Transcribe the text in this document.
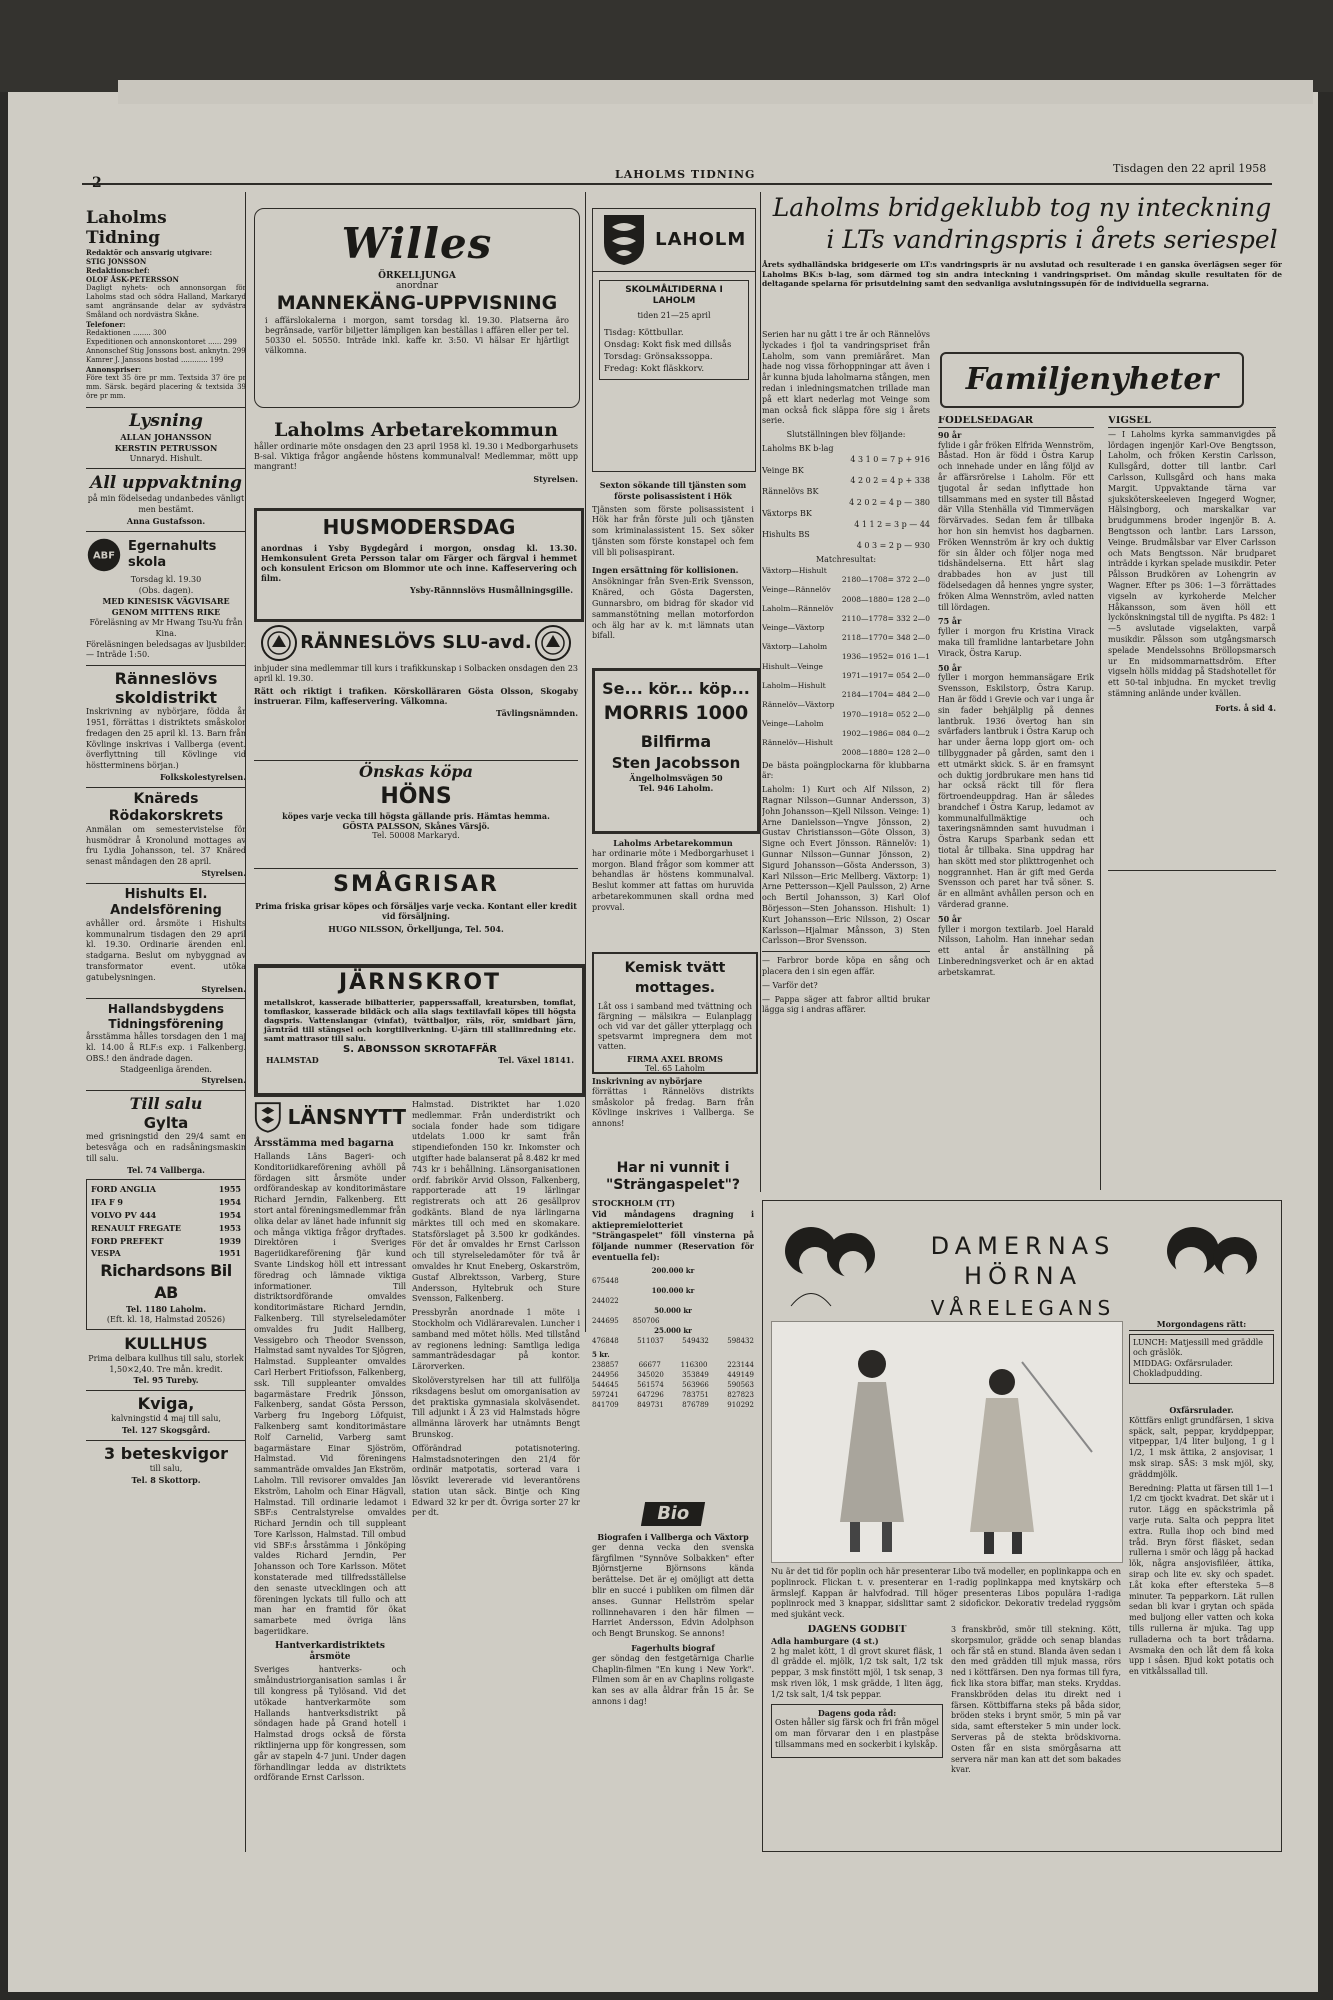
LAHOLMS TIDNING	Tisdagen den 22 april 1958
Laholms Tidning

Redaktör och ansvarig utgivare:

STIG JONSSON

Redaktionschef:

OLOF ÅSK-PETERSSON

Dagligt nyhets- och annonsorgan för Laholms stad och södra Halland, Markaryd samt angränsande delar av sydvästra Småland och nordvästra Skåne.

Telefoner:

Redaktionen ........ 300

Expeditionen och annonskontoret ...... 299

Annonschef Stig Jonssons bost. anknytn. 299

Kamrer J. Janssons bostad ............ 199

Annonspriser:

Före text 35 öre pr mm. Textsida 37 öre pr mm. Särsk. begärd placering & textsida 39 öre pr mm.

Lysning
ALLAN JOHANSSON
KERSTIN PETRUSSON
Unnaryd. Hishult.
All uppvaktning
på min födelsedag undanbedes vänligt men bestämt.
Anna Gustafsson.
ABF
Egernahults skola
Torsdag kl. 19.30
(Obs. dagen).
MED KINESISK VÄGVISARE GENOM MITTENS RIKE
Föreläsning av Mr Hwang Tsu-Yu från Kina.
Föreläsningen beledsagas av ljusbilder. — Inträde 1:50.
Ränneslövs skoldistrikt
Inskrivning av nybörjare, födda år 1951, förrättas i distriktets småskolor fredagen den 25 april kl. 13. Barn från Kövlinge inskrivas i Vallberga (event. överflyttning till Kövlinge vid höstterminens början.)
Folkskolestyrelsen.
Knäreds Rödakorskrets
Anmälan om semestervistelse för husmödrar å Kronolund mottages av fru Lydia Johansson, tel. 37 Knäred senast måndagen den 28 april.
Styrelsen.
Hishults El. Andelsförening
avhåller ord. årsmöte i Hishults kommunalrum tisdagen den 29 april kl. 19.30. Ordinarie ärenden enl. stadgarna. Beslut om nybyggnad av transformator event. utöka gatubelysningen.
Styrelsen.
Hallandsbygdens Tidningsförening
årsstämma hålles torsdagen den 1 maj kl. 14.00 å RLF:s exp. i Falkenberg. OBS.! den ändrade dagen.
Stadgeenliga ärenden.
Styrelsen.
Till salu
Gylta
med grisningstid den 29/4 samt en betesvåga och en radsåningsmaskin till salu.
Tel. 74 Vallberga.
FORD ANGLIA	1955
IFA F 9	1954
VOLVO PV 444	1954
RENAULT FREGATE	1953
FORD PREFEKT	1939
VESPA	1951
Richardsons Bil AB
Tel. 1180 Laholm.
(Eft. kl. 18, Halmstad 20526)
KULLHUS
Prima delbara kullhus till salu, storlek 1,50×2,40. Tre mån. kredit.
Tel. 95 Tureby.
Kviga,
kalvningstid 4 maj till salu,
Tel. 127 Skogsgård.
3 beteskvigor
till salu,
Tel. 8 Skottorp.
Willes
ÖRKELLJUNGA
anordnar
MANNEKÄNG-UPPVISNING

i affärslokalerna i morgon, samt torsdag kl. 19.30. Platserna äro begränsade, varför biljetter lämpligen kan beställas i affären eller per tel. 50330 el. 50550. Inträde inkl. kaffe kr. 3:50. Vi hälsar Er hjärtligt välkomna.

Laholms Arbetarekommun

håller ordinarie möte onsdagen den 23 april 1958 kl. 19.30 i Medborgarhusets B-sal. Viktiga frågor angående höstens kommunalval! Medlemmar, mött upp mangrant!

Styrelsen.
HUSMODERSDAG

anordnas i Ysby Bygdegård i morgon, onsdag kl. 13.30. Hemkonsulent Greta Persson talar om Färger och färgval i hemmet och konsulent Ericson om Blommor ute och inne. Kaffeservering och film.

Ysby-Rännnslövs Husmållningsgille.
RÄNNESLÖVS SLU-avd.

inbjuder sina medlemmar till kurs i trafikkunskap i Solbacken onsdagen den 23 april kl. 19.30.

Rätt och riktigt i trafiken. Körskolläraren Gösta Olsson, Skogaby instruerar. Film, kaffeservering. Välkomna.

Tävlingsnämnden.
Önskas köpa
HÖNS
köpes varje vecka till högsta gällande pris. Hämtas hemma.
GÖSTA PALSSON, Skånes Värsjö.
Tel. 50008 Markaryd.
SMÅGRISAR
Prima friska grisar köpes och försäljes varje vecka. Kontant eller kredit vid försäljning.
HUGO NILSSON, Örkelljunga, Tel. 504.
JÄRNSKROT

metallskrot, kasserade bilbatterier, papperssaffall, kreatursben, tomflat, tomflaskor, kasserade bildäck och alla slags textilavfall köpes till högsta dagspris. Vattenslangar (vinfat), tvättbaljor, räls, rör, smidbart järn, järnträd till stängsel och korgtillverkning. U-järn till stallinredning etc. samt mattrasor till salu.

S. ABONSSON SKROTAFFÄR
HALMSTAD	Tel. Växel 18141.
LÄNSNYTT
Årsstämma med bagarna

Hallands Läns Bageri- och Konditoriidkareförening avhöll på fördagen sitt årsmöte under ordförandeskap av konditorimästare Richard Jerndin, Falkenberg. Ett stort antal föreningsmedlemmar från olika delar av länet hade infunnit sig och många viktiga frågor dryftades. Direktören i Sveriges Bageriidkareförening fjär kund Svante Lindskog höll ett intressant föredrag och lämnade viktiga informationer. Till distriktsordförande omvaldes konditorimästare Richard Jerndin, Falkenberg. Till styrelseledamöter omvaldes fru Judit Hallberg, Vessigebro och Theodor Svensson, Halmstad samt nyvaldes Tor Sjögren, Halmstad. Suppleanter omvaldes Carl Herbert Fritiofsson, Falkenberg, ssk. Till suppleanter omvaldes bagarmästare Fredrik Jönsson, Falkenberg, sandat Gösta Persson, Varberg fru Ingeborg Löfquist, Falkenberg samt konditorimästare Rolf Carnelid, Varberg samt bagarmästare Einar Sjöström, Halmstad. Vid föreningens sammanträde omvaldes Jan Ekström, Laholm. Till revisorer omvaldes Jan Ekström, Laholm och Einar Hägvall, Halmstad. Till ordinarie ledamot i SBF:s Centralstyrelse omvaldes Richard Jerndin och till suppleant Tore Karlsson, Halmstad. Till ombud vid SBF:s årsstämma i Jönköping valdes Richard Jerndin, Per Johansson och Tore Karlsson. Mötet konstaterade med tillfredsställelse den senaste utvecklingen och att föreningen lyckats till fullo och att man har en framtid för ökat samarbete med övriga läns bageriidkare.

Hantverkardistriktets årsmöte

Sveriges hantverks- och småindustriorganisation samlas i år till kongress på Tylösand. Vid det utökade hantverkarmöte som Hallands hantverksdistrikt på söndagen hade på Grand hotell i Halmstad drogs också de första riktlinjerna upp för kongressen, som går av stapeln 4-7 juni. Under dagen förhandlingar ledda av distriktets ordförande Ernst Carlsson.

Halmstad. Distriktet har 1.020 medlemmar. Från underdistrikt och sociala fonder hade som tidigare utdelats 1.000 kr samt från stipendiefonden 150 kr. Inkomster och utgifter hade balanserat på 8.482 kr med 743 kr i behållning. Länsorganisationen ordf. fabrikör Arvid Olsson, Falkenberg, rapporterade att 19 lärlingar registrerats och att 26 gesällprov godkänts. Bland de nya lärlingarna märktes till och med en skomakare. Statsförslaget på 3.500 kr godkändes. För det år omvaldes hr Ernst Carlsson och till styrelseledamöter för två år omvaldes hr Knut Eneberg, Oskarström, Gustaf Albrektsson, Varberg, Sture Andersson, Hyltebruk och Sture Svensson, Falkenberg.

Pressbyrån anordnade 1 möte i Stockholm och Vidlärarevalen. Luncher i samband med mötet hölls. Med tillstånd av regionens ledning: Samtliga lediga sammanträdesdagar på kontor. Lärorverken.

Skolöverstyrelsen har till att fullfölja riksdagens beslut om omorganisation av det praktiska gymnasiala skolväsendet. Till adjunkt i Å 23 vid Halmstads högre allmänna läroverk har utnämnts Bengt Brunskog.

Offörändrad potatisnotering. Halmstadsnoteringen den 21/4 för ordinär matpotatis, sorterad vara i lösvikt levererade vid leverantörens station utan säck. Bintje och King Edward 32 kr per dt. Övriga sorter 27 kr per dt.

LAHOLM
SKOLMÅLTIDERNA I LAHOLM
tiden 21—25 april
Tisdag: Köttbullar.
Onsdag: Kokt fisk med dillsås
Torsdag: Grönsakssoppa.
Fredag: Kokt fläskkorv.
Sexton sökande till tjänsten som förste polisassistent i Hök

Tjänsten som förste polisassistent i Hök har från förste juli och tjänsten som kriminalassistent 15. Sex söker tjänsten som förste konstapel och fem vill bli polisaspirant.

Ingen ersättning för kollisionen.

Ansökningar från Sven-Erik Svensson, Knäred, och Gösta Dagersten, Gunnarsbro, om bidrag för skador vid sammanstötning mellan motorfordon och älg har av k. m:t lämnats utan bifall.

Se... kör... köp...
MORRIS 1000
Bilfirma
Sten Jacobsson
Ängelholmsvägen 50
Tel. 946 Laholm.
Laholms Arbetarekommun

har ordinarie möte i Medborgarhuset i morgon. Bland frågor som kommer att behandlas är höstens kommunalval. Beslut kommer att fattas om huruvida arbetarekommunen skall ordna med provval.

Kemisk tvätt mottages.

Låt oss i samband med tvättning och färgning — mälsikra — Eulanplagg och vid var det gäller ytterplagg och spetsvarmt impregnera dem mot vatten.

FIRMA AXEL BROMS
Tel. 65 Laholm
Inskrivning av nybörjare

förrättas i Rännelövs distrikts småskolor på fredag. Barn från Kövlinge inskrives i Vallberga. Se annons!

Har ni vunnit i
"Strängaspelet"?
STOCKHOLM (TT)

Vid måndagens dragning i aktiepremielotteriet "Strängaspelet" föll vinsterna på följande nummer (Reservation för eventuella fel):

200.000 kr
675448
100.000 kr
244022
50.000 kr
244695 850706
25.000 kr
476848	511037	549432	598432
5 kr.
238857	66677	116300	223144
244956	345020	353849	449149
544645	561574	563966	590563
597241	647296	783751	827823
841709	849731	876789	910292
Bio
Biografen i Vallberga och Växtorp

ger denna vecka den svenska färgfilmen "Synnöve Solbakken" efter Björnstjerne Björnsons kända berättelse. Det är ej omöjligt att detta blir en succé i publiken om filmen där anses. Gunnar Hellström spelar rollinnehavaren i den här filmen — Harriet Andersson, Edvin Adolphson och Bengt Brunskog. Se annons!

Fagerhults biograf

ger söndag den festgetärniga Charlie Chaplin-filmen "En kung i New York". Filmen som är en av Chaplins roligaste kan ses av alla åldrar från 15 år. Se annons i dag!

Laholms bridgeklubb tog ny inteckning
i LTs vandringspris i årets seriespel

Årets sydhalländska bridgeserie om LT:s vandringspris är nu avslutad och resulterade i en ganska överlägsen seger för Laholms BK:s b-lag, som därmed tog sin andra inteckning i vandringspriset. Om måndag skulle resultaten för de deltagande spelarna för prisutdelning samt den sedvanliga avslutningssupén för de individuella segrarna.

Serien har nu gått i tre år och Rännelövs lyckades i fjol ta vandringspriset från Laholm, som vann premiäråret. Man hade nog vissa förhoppningar att även i år kunna bjuda laholmarna stången, men redan i inledningsmatchen trillade man på ett klart nederlag mot Veinge som man också fick släppa före sig i årets serie.

Slutställningen blev följande:
Laholms BK b-lag
4 3 1 0 = 7 p + 916
Veinge BK
4 2 0 2 = 4 p + 338
Rännelövs BK
4 2 0 2 = 4 p — 380
Växtorps BK
4 1 1 2 = 3 p — 44
Hishults BS
4 0 3 = 2 p — 930
Matchresultat:
Växtorp—Hishult
2180—1708= 372 2—0
Veinge—Rännelöv
2008—1880= 128 2—0
Laholm—Rännelöv
2110—1778= 332 2—0
Veinge—Växtorp
2118—1770= 348 2—0
Växtorp—Laholm
1936—1952= 016 1—1
Hishult—Veinge
1971—1917= 054 2—0
Laholm—Hishult
2184—1704= 484 2—0
Rännelöv—Växtorp
1970—1918= 052 2—0
Veinge—Laholm
1902—1986= 084 0—2
Rännelöv—Hishult
2008—1880= 128 2—0

De bästa poängplockarna för klubbarna är:

Laholm: 1) Kurt och Alf Nilsson, 2) Ragnar Nilsson—Gunnar Andersson, 3) John Johansson—Kjell Nilsson. Veinge: 1) Arne Danielsson—Yngve Jönsson, 2) Gustav Christiansson—Göte Olsson, 3) Signe och Evert Jönsson. Rännelöv: 1) Gunnar Nilsson—Gunnar Jönsson, 2) Sigurd Johansson—Gösta Andersson, 3) Karl Nilsson—Eric Mellberg. Växtorp: 1) Arne Pettersson—Kjell Paulsson, 2) Arne och Bertil Johansson, 3) Karl Olof Börjesson—Sten Johansson. Hishult: 1) Kurt Johansson—Eric Nilsson, 2) Oscar Karlsson—Hjalmar Månsson, 3) Sten Carlsson—Bror Svensson.

— Farbror borde köpa en sång och placera den i sin egen affär.

— Varför det?

— Pappa säger att fabror alltid brukar lägga sig i andras affärer.

Familjenyheter
FÖDELSEDAGAR
90 år

fylide i går fröken Elfrida Wennström, Båstad. Hon är född i Östra Karup och innehade under en lång följd av år affärsrörelse i Laholm. För ett tjugotal år sedan inflyttade hon tillsammans med en syster till Båstad där Villa Stenhälla vid Timmervägen förvärvades. Sedan fem år tillbaka hor hon sin hemvist hos dagbarnen. Fröken Wennström är kry och duktig för sin ålder och följer noga med tidshändelserna. Ett hårt slag drabbades hon av just till födelsedagen då hennes yngre syster, fröken Alma Wennström, avled natten till lördagen.

75 år

fyller i morgon fru Kristina Virack maka till framlidne lantarbetare John Virack, Östra Karup.

50 år

fyller i morgon hemmansägare Erik Svensson, Eskilstorp, Östra Karup. Han är född i Grevie och var i unga år sin fader behjälplig på dennes lantbruk. 1936 övertog han sin svärfaders lantbruk i Östra Karup och har under åerna lopp gjort om- och tillbyggnader på gården, samt den i ett utmärkt skick. S. är en framsynt och duktig jordbrukare men hans tid har också räckt till för flera förtroendeuppdrag. Han är således brandchef i Östra Karup, ledamot av kommunalfullmäktige och taxeringsnämnden samt huvudman i Östra Karups Sparbank sedan ett tiotal år tillbaka. Sina uppdrag har han skött med stor plikttrogenhet och noggrannhet. Han är gift med Gerda Svensson och paret har två söner. S. är en allmänt avhållen person och en värderad granne.

50 år

fyller i morgon textilarb. Joel Harald Nilsson, Laholm. Han innehar sedan ett antal år anställning på Linberedningsverket och är en aktad arbetskamrat.

VIGSEL

— I Laholms kyrka sammanvigdes på lördagen ingenjör Karl-Ove Bengtsson, Laholm, och fröken Kerstin Carlsson, Kullsgård, dotter till lantbr. Carl Carlsson, Kullsgård och hans maka Margit. Uppvaktande tärna var sjuksköterskeeleven Ingegerd Wogner, Hälsingborg, och marskalkar var brudgummens broder ingenjör B. A. Bengtsson och lantbr. Lars Larsson, Veinge. Brudmålsbar var Elver Carlsson och Mats Bengtsson. När brudparet inträdde i kyrkan spelade musikdir. Peter Pålsson Brudkören av Lohengrin av Wagner. Efter ps 306: 1—3 förrättades vigseln av kyrkoherde Melcher Håkansson, som även höll ett lyckönskningstal till de nygifta. Ps 482: 1—5 avslutade vigselakten, varpå musikdir. Pålsson som utgångsmarsch spelade Mendelssohns Bröllopsmarsch ur En midsommarnattsdröm. Efter vigseln hölls middag på Stadshotellet för ett 50-tal inbjudna. En mycket trevlig stämning anlände under kvällen.

Forts. å sid 4.
DAMERNAS
HÖRNA
VÅRELEGANS
Morgondagens rätt:
LUNCH: Matjessill med gräddle och gräslök.
MIDDAG: Oxfärsrulader.
Chokladpudding.
Oxfärsrulader.

Köttfärs enligt grundfärsen, 1 skiva späck, salt, peppar, kryddpeppar, vitpeppar, 1/4 liter buljong, 1 g l 1/2, 1 msk ättika, 2 ansjovisar, 1 msk sirap. SÅS: 3 msk mjöl, sky, gräddmjölk.

Beredning: Platta ut färsen till 1—1 1/2 cm tjockt kvadrat. Det skär ut i rutor. Lägg en späckstrimla på varje ruta. Salta och peppra litet extra. Rulla ihop och bind med tråd. Bryn först fläsket, sedan rullerna i smör och lägg på hackad lök, några ansjovisfiléer, ättika, sirap och lite ev. sky och spadet. Låt koka efter eftersteka 5—8 minuter. Ta pepparkorn. Lät rullen sedan bli kvar i grytan och späda med buljong eller vatten och koka tills rullerna är mjuka. Tag upp rulladerna och ta bort trådarna. Avsmaka den och låt dem få koka upp i såsen. Bjud kokt potatis och en vitkålssallad till.

Nu är det tid för poplin och här presenterar Libo två modeller, en poplinkappa och en poplinrock. Flickan t. v. presenterar en 1-radig poplinkappa med knytskärp och ärmslejf. Kappan är halvfodrad. Till höger presenteras Libos populära 1-radiga poplinrock med 3 knappar, sidslittar samt 2 sidofickor. Dekorativ tredelad ryggsöm med sjukänt veck.

DAGENS GODBIT
Adla hamburgare (4 st.)

2 hg malet kött, 1 dl grovt skuret fläsk, 1 dl grädde el. mjölk, 1/2 tsk salt, 1/2 tsk peppar, 3 msk finstött mjöl, 1 tsk senap, 3 msk riven lök, 1 msk grädde, 1 liten ägg, 1/2 tsk salt, 1/4 tsk peppar.

Dagens goda råd:

Osten håller sig färsk och fri från mögel om man förvarar den i en plastpåse tillsammans med en sockerbit i kylskåp.

3 franskbröd, smör till stekning. Kött, skorpsmulor, grädde och senap blandas och får stå en stund. Blanda även sedan i den med grädden till mjuk massa, rörs ned i köttfärsen. Den nya formas till fyra, fick lika stora biffar, man steks. Kryddas. Franskbröden delas itu direkt ned i färsen. Köttbiffarna steks på båda sidor, bröden steks i brynt smör, 5 min på var sida, samt eftersteker 5 min under lock. Serveras på de stekta brödskivorna. Osten får en sista smörgåsarna att servera när man kan att det som bakades kvar.
